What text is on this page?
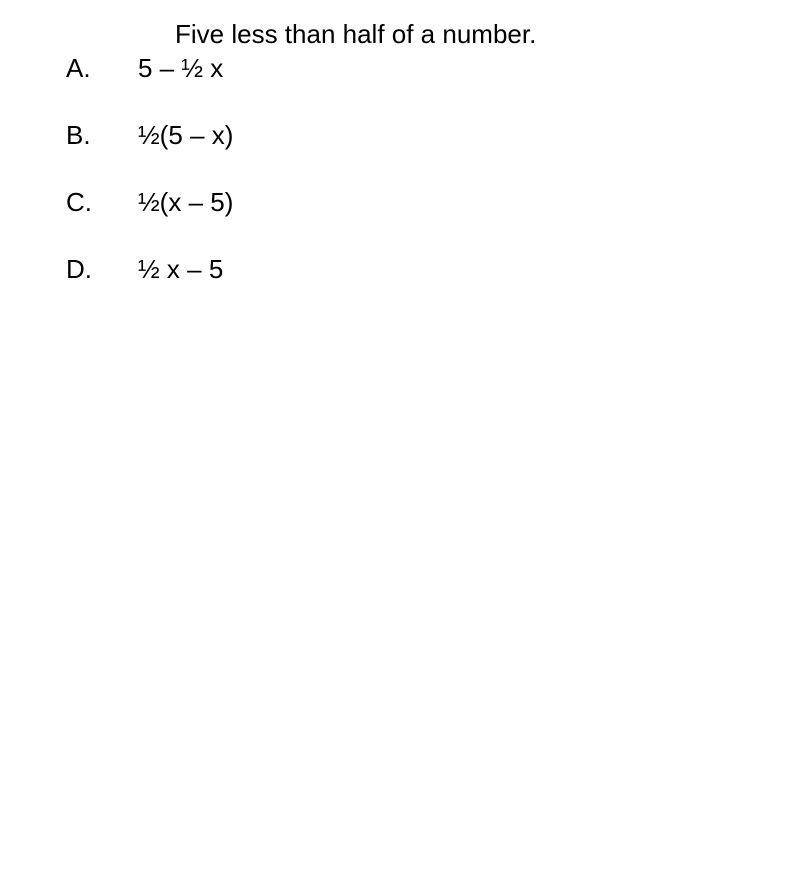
Five less than half of a number.
A. 5 – ½ x
B. ½(5 – x)
C. ½(x – 5)
D. ½ x – 5
